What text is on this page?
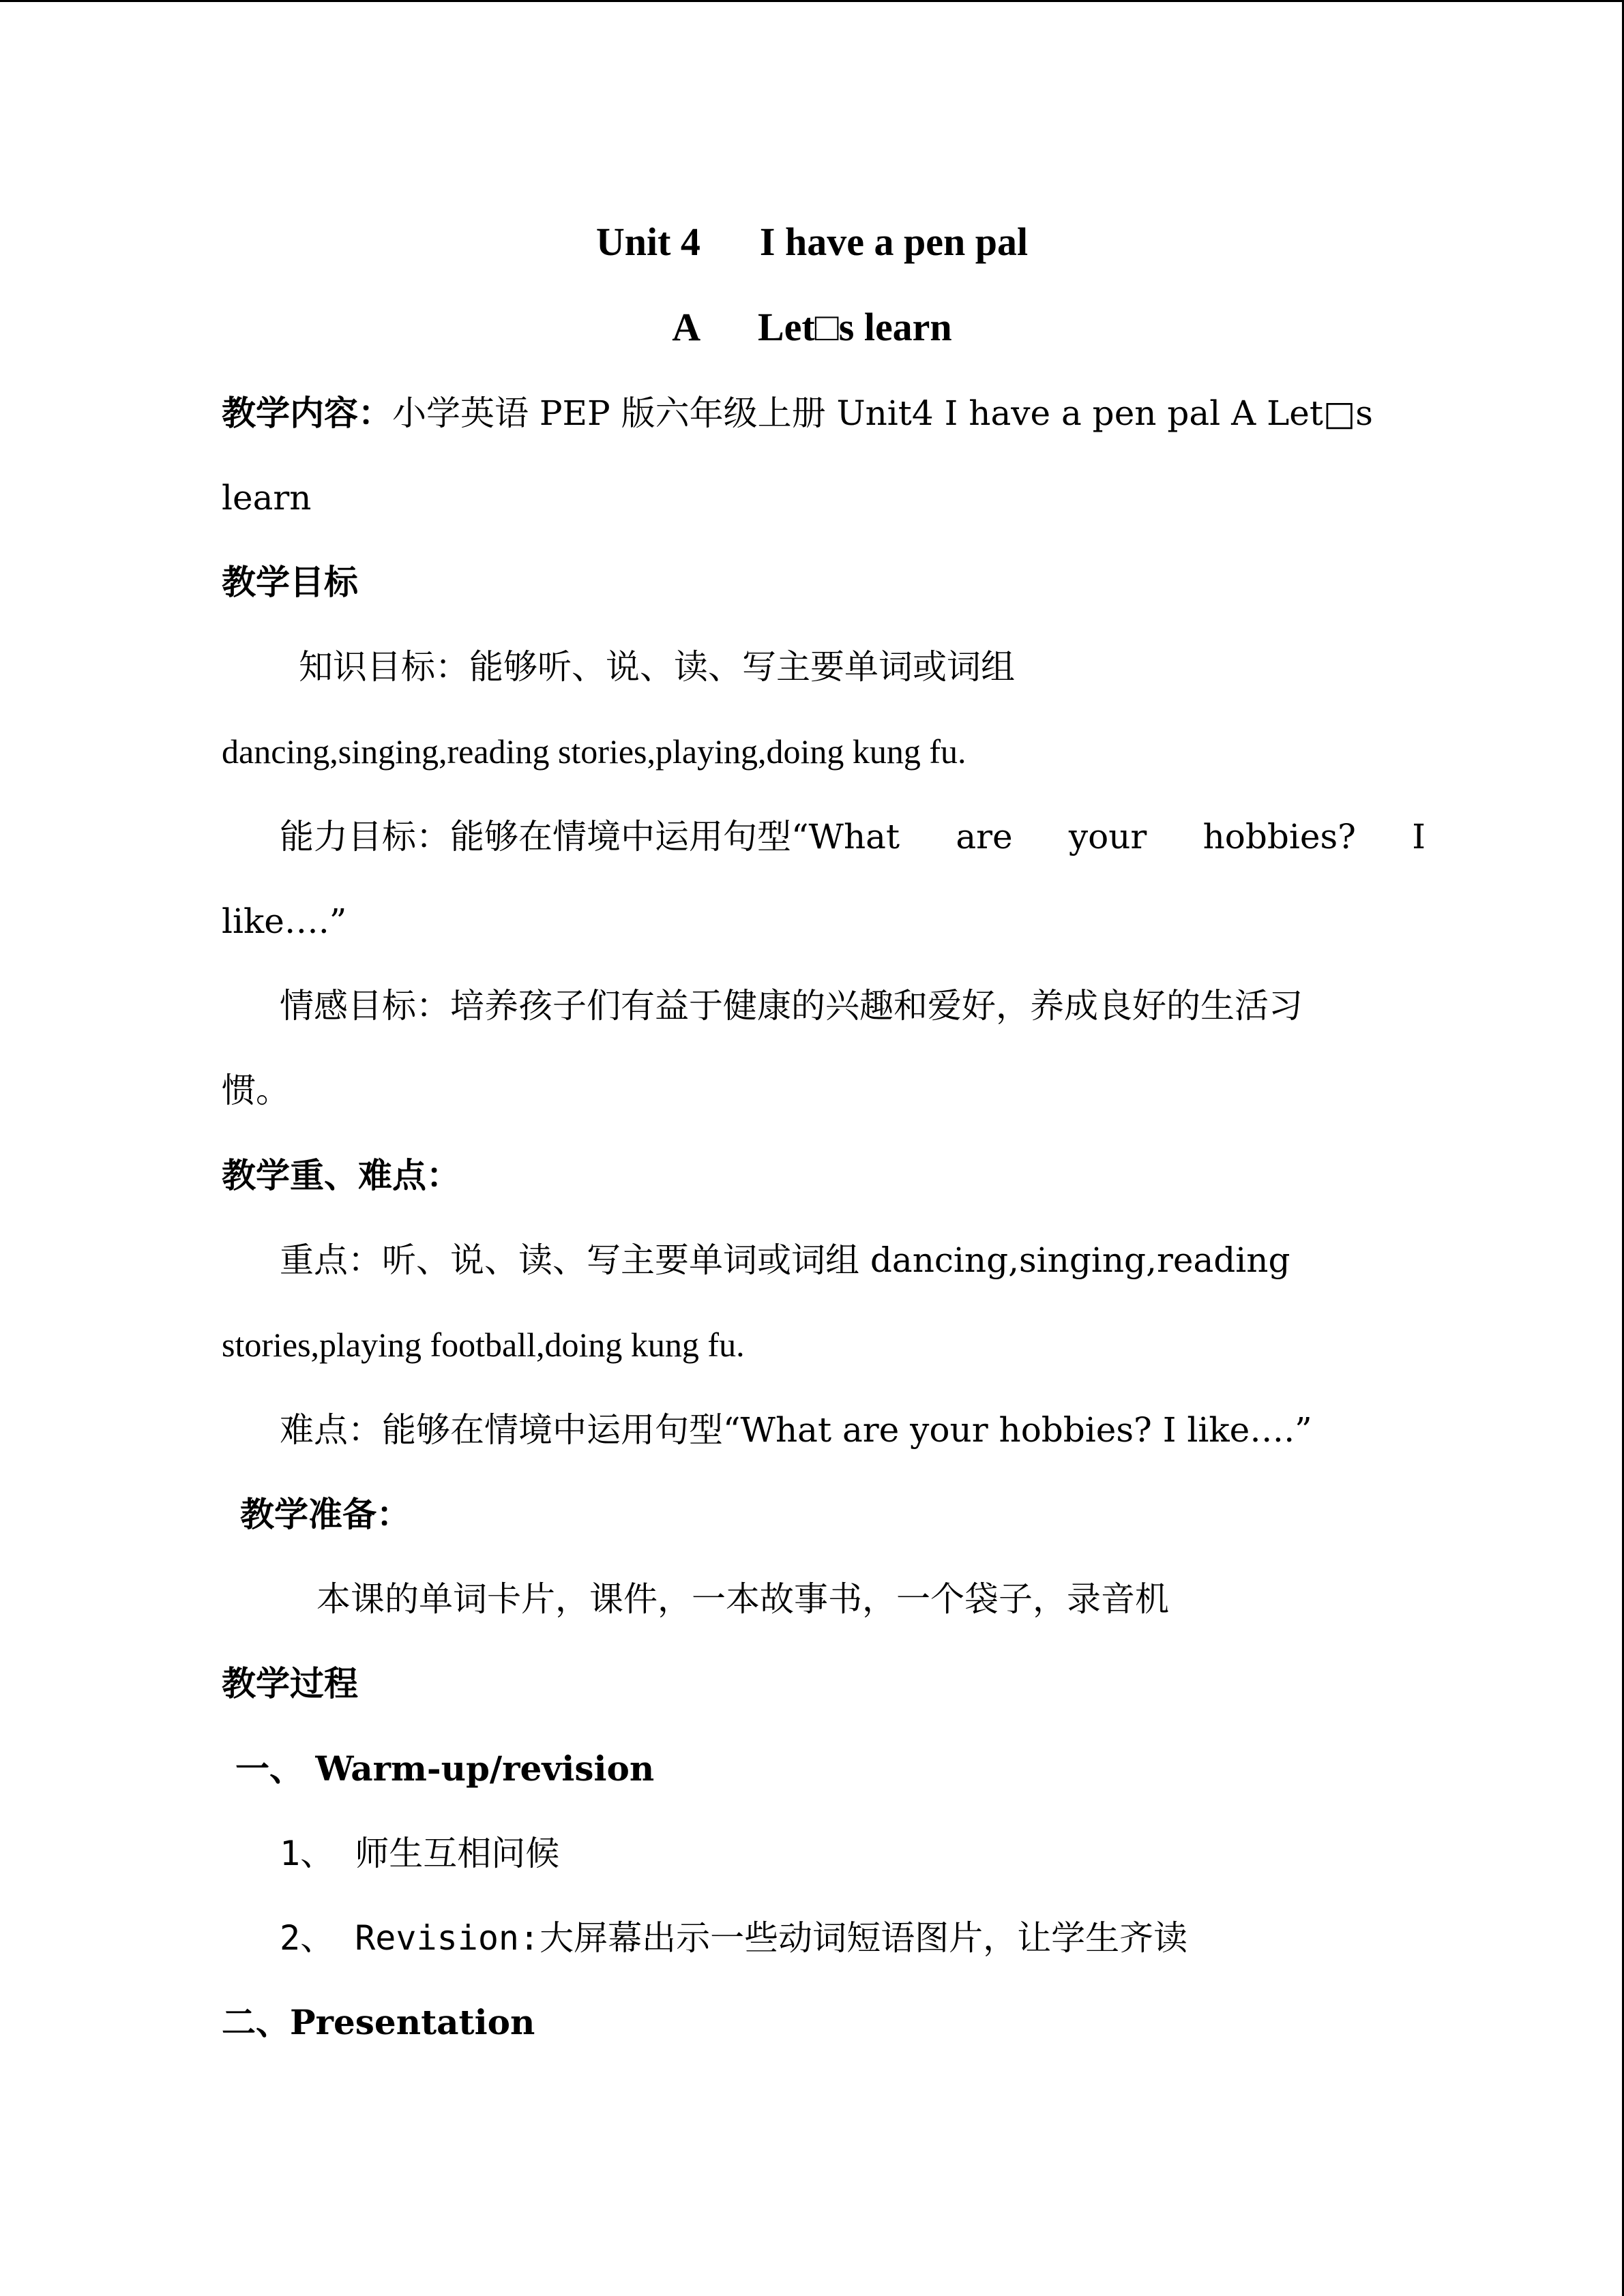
Unit 4      I have a pen pal
A      Let□s learn
教学内容：小学英语 PEP 版六年级上册 Unit4 I have a pen pal A Let□s
learn
教学目标
知识目标：能够听、说、读、写主要单词或词组
dancing,singing,reading stories,playing,doing kung fu.
能力目标：能够在情境中运用句型“What are your hobbies? I
like….”
情感目标：培养孩子们有益于健康的兴趣和爱好，养成良好的生活习
惯。
教学重、难点：
重点：听、说、读、写主要单词或词组 dancing,singing,reading
stories,playing football,doing kung fu.
难点：能够在情境中运用句型“What are your hobbies? I like….”
教学准备：
本课的单词卡片，课件，一本故事书，一个袋子，录音机
教学过程
一、 Warm-up/revision
1、 师生互相问候
2、 Revision:大屏幕出示一些动词短语图片，让学生齐读
二、Presentation
